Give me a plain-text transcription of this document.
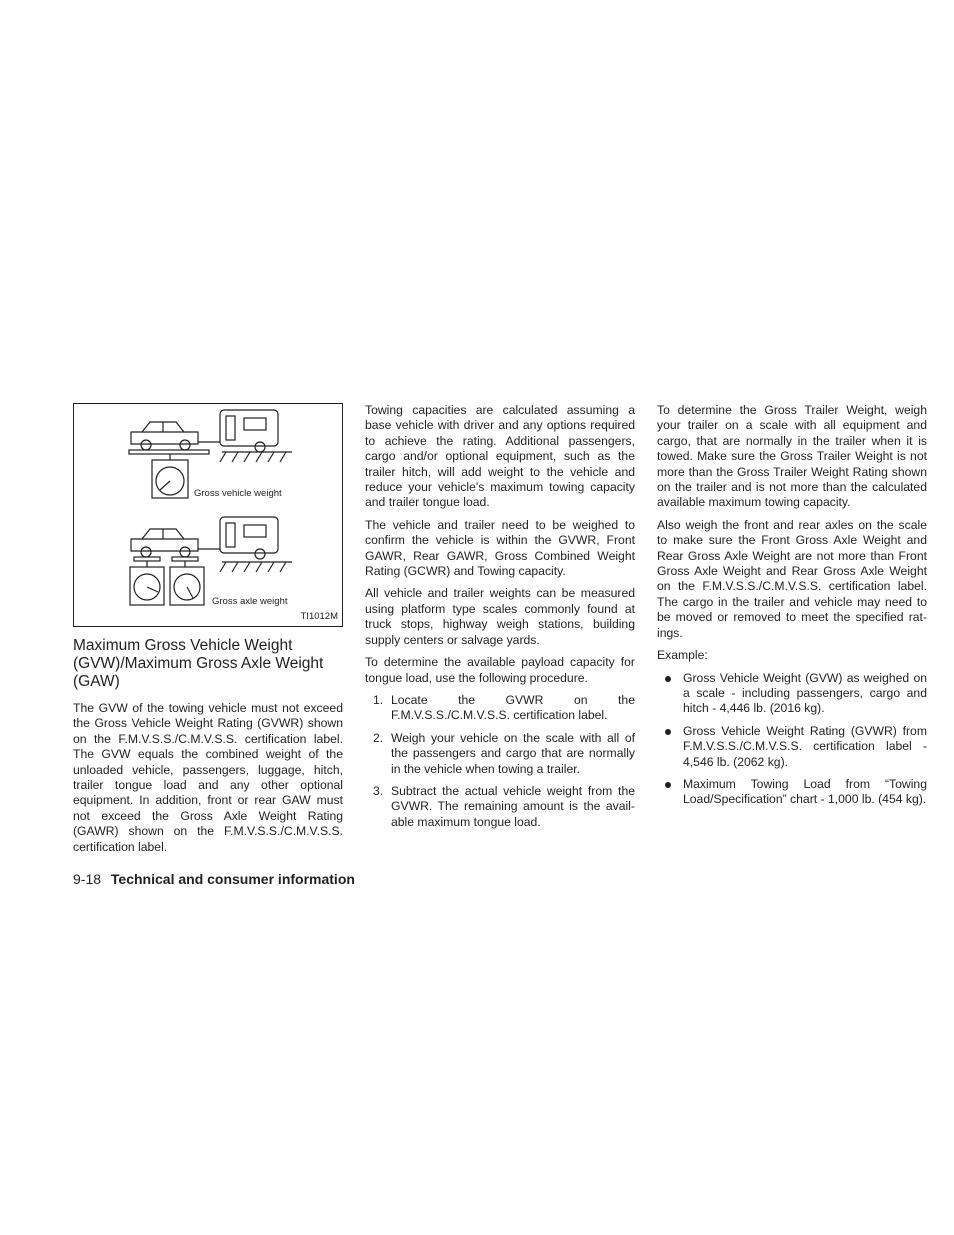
Gross vehicle weight
Gross axle weight
TI1012M
Maximum Gross Vehicle Weight (GVW)/Maximum Gross Axle Weight (GAW)

The GVW of the towing vehicle must not exceed the Gross Vehicle Weight Rating (GVWR) shown on the F.M.V.S.S./C.M.V.S.S. certification label. The GVW equals the combined weight of the unloaded vehicle, passengers, luggage, hitch, trailer tongue load and any other optional equipment. In addition, front or rear GAW must not exceed the Gross Axle Weight Rating (GAWR) shown on the F.M.V.S.S./C.M.V.S.S. certification label.

Towing capacities are calculated assuming a base vehicle with driver and any options required to achieve the rating. Additional passengers, cargo and/or optional equipment, such as the trailer hitch, will add weight to the vehicle and reduce your vehicle's maximum towing capacity and trailer tongue load.

The vehicle and trailer need to be weighed to confirm the vehicle is within the GVWR, Front GAWR, Rear GAWR, Gross Combined Weight Rating (GCWR) and Towing capacity.

All vehicle and trailer weights can be measured using platform type scales commonly found at truck stops, highway weigh stations, building supply centers or salvage yards.

To determine the available payload capacity for tongue load, use the following procedure.

1. Locate the GVWR on the F.M.V.S.S./C.M.V.S.S. certification label.
2. Weigh your vehicle on the scale with all of the passengers and cargo that are normally in the vehicle when towing a trailer.
3. Subtract the actual vehicle weight from the GVWR. The remaining amount is the avail-able maximum tongue load.

To determine the Gross Trailer Weight, weigh your trailer on a scale with all equipment and cargo, that are normally in the trailer when it is towed. Make sure the Gross Trailer Weight is not more than the Gross Trailer Weight Rating shown on the trailer and is not more than the calculated available maximum towing capacity.

Also weigh the front and rear axles on the scale to make sure the Front Gross Axle Weight and Rear Gross Axle Weight are not more than Front Gross Axle Weight and Rear Gross Axle Weight on the F.M.V.S.S./C.M.V.S.S. certification label. The cargo in the trailer and vehicle may need to be moved or removed to meet the specified rat-ings.

Example:

Gross Vehicle Weight (GVW) as weighed on a scale - including passengers, cargo and hitch - 4,446 lb. (2016 kg).
Gross Vehicle Weight Rating (GVWR) from F.M.V.S.S./C.M.V.S.S. certification label - 4,546 lb. (2062 kg).
Maximum Towing Load from “Towing Load/Specification” chart - 1,000 lb. (454 kg).
9-18 Technical and consumer information
